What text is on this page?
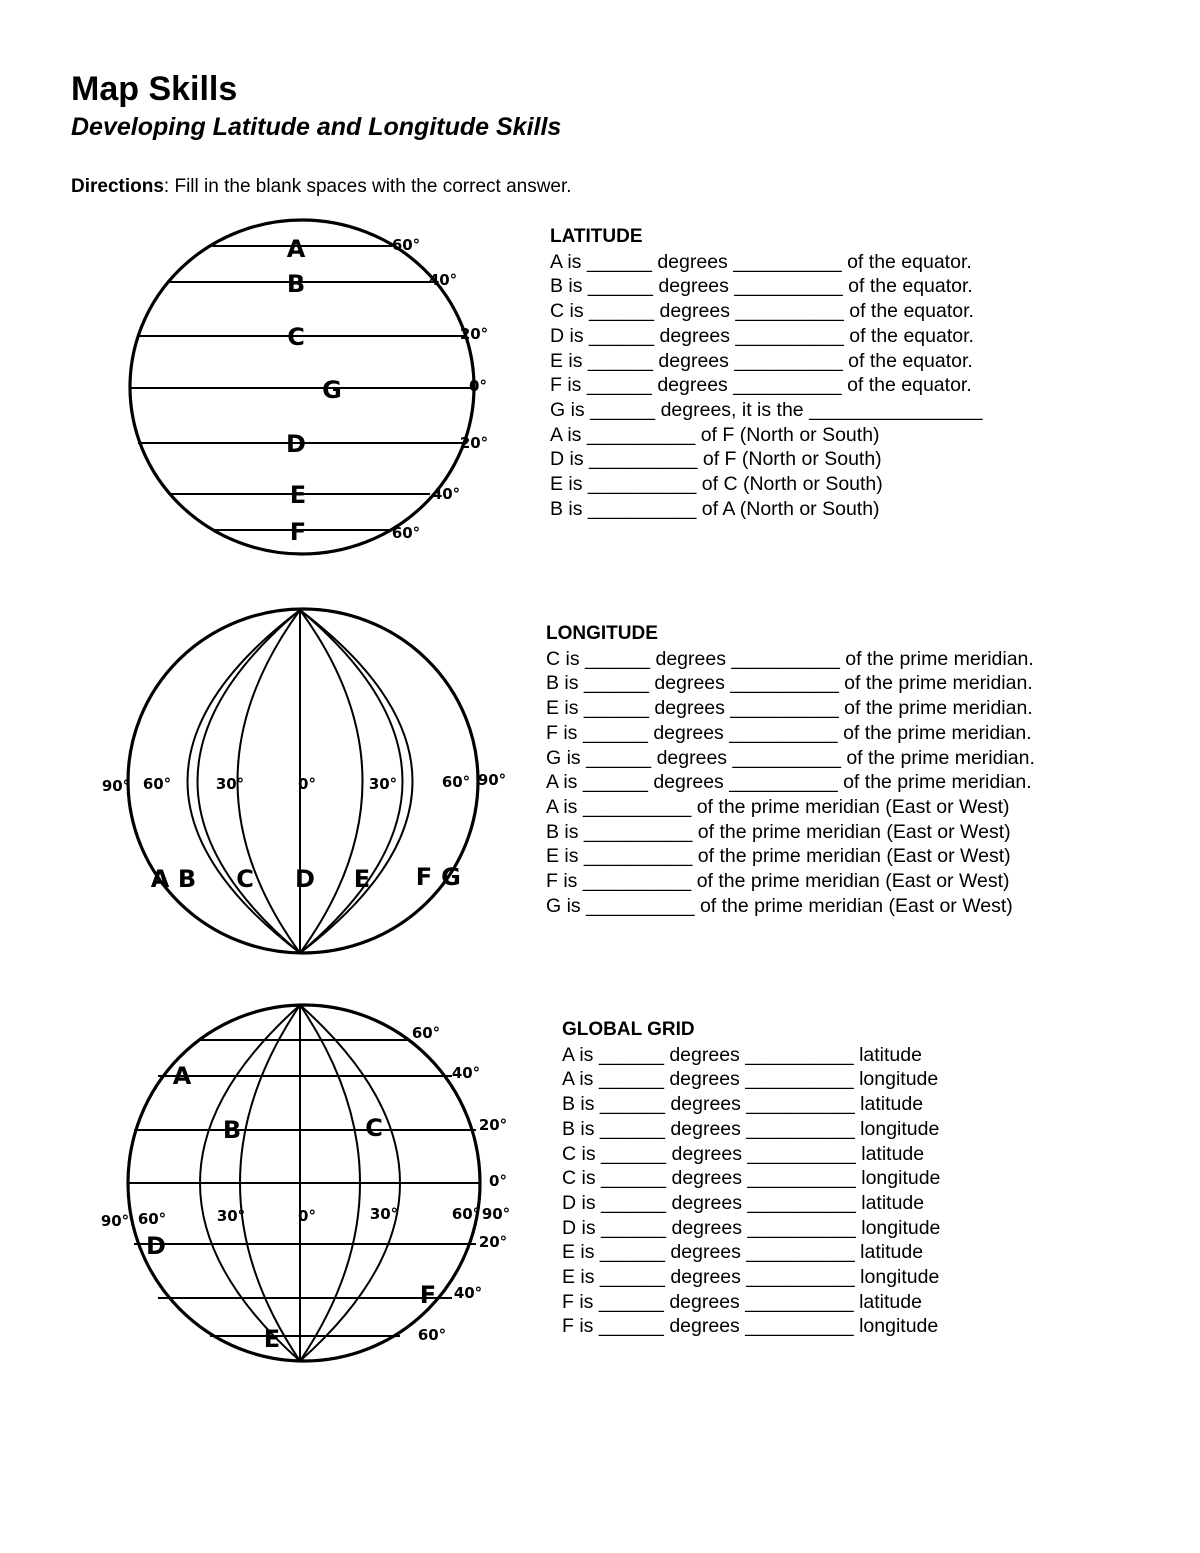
Map Skills
Developing Latitude and Longitude Skills
Directions: Fill in the blank spaces with the correct answer.
A
B
C
G
D
E
F
60°
40°
20°
0°
20°
40°
60°
LATITUDE
A is ______ degrees __________ of the equator.
B is ______ degrees __________ of the equator.
C is ______ degrees __________ of the equator.
D is ______ degrees __________ of the equator.
E is ______ degrees __________ of the equator.
F is ______ degrees __________ of the equator.
G is ______ degrees, it is the ________________
A is __________ of F (North or South)
D is __________ of F (North or South)
E is __________ of C (North or South)
B is __________ of A (North or South)
90° 60°	30°	0°	30°	60° 90°
A B C D E F G
LONGITUDE
C is ______ degrees __________ of the prime meridian.
B is ______ degrees __________ of the prime meridian.
E is ______ degrees __________ of the prime meridian.
F is ______ degrees __________ of the prime meridian.
G is ______ degrees __________ of the prime meridian.
A is ______ degrees __________ of the prime meridian.
A is __________ of the prime meridian (East or West)
B is __________ of the prime meridian (East or West)
E is __________ of the prime meridian (East or West)
F is __________ of the prime meridian (East or West)
G is __________ of the prime meridian (East or West)
60°
40°
20°
0°
20°
40°
60°
90° 60°	30°	0°	30°	60° 90°
A
B	C
D
E
F
GLOBAL GRID
A is ______ degrees __________ latitude
A is ______ degrees __________ longitude
B is ______ degrees __________ latitude
B is ______ degrees __________ longitude
C is ______ degrees __________ latitude
C is ______ degrees __________ longitude
D is ______ degrees __________ latitude
D is ______ degrees __________ longitude
E is ______ degrees __________ latitude
E is ______ degrees __________ longitude
F is ______ degrees __________ latitude
F is ______ degrees __________ longitude
